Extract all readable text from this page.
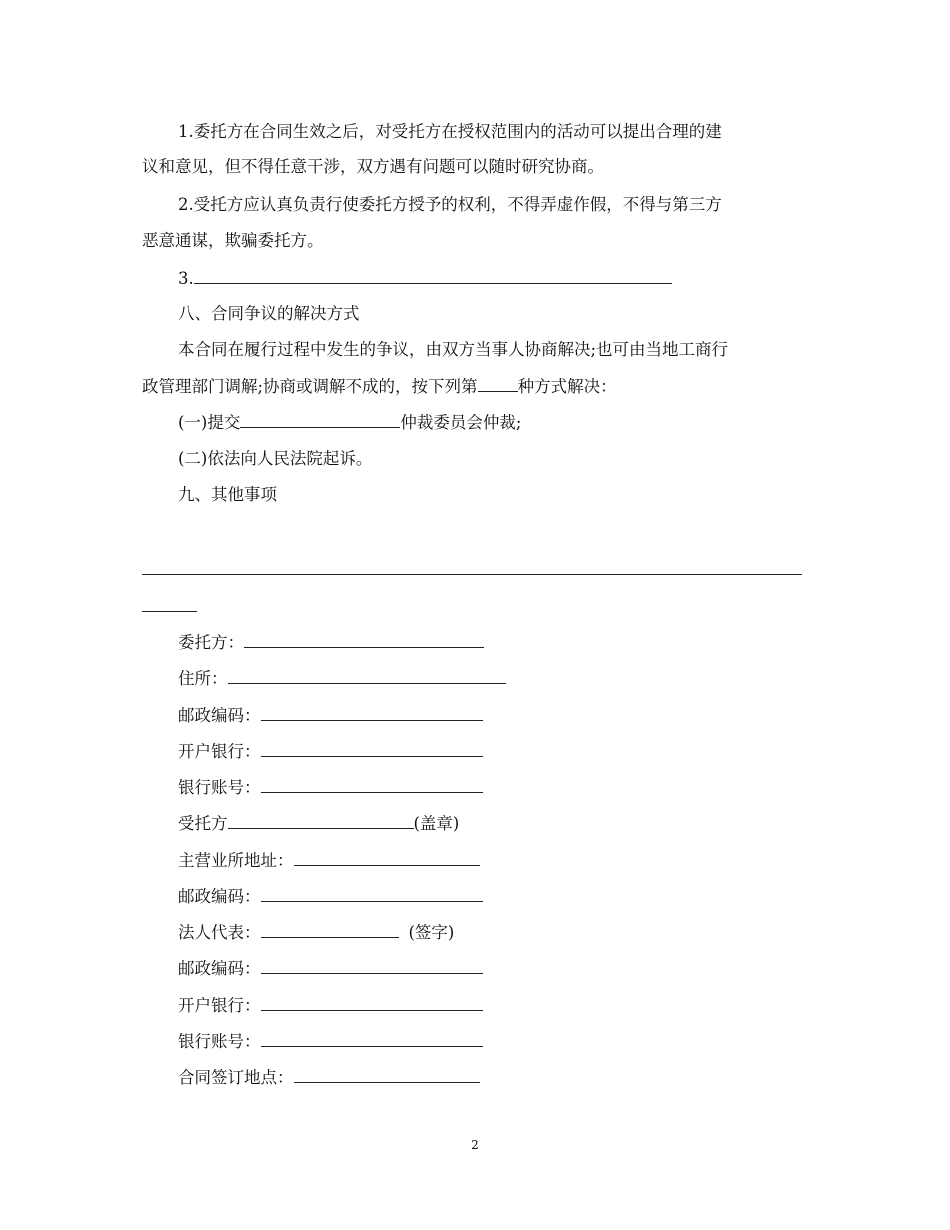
1.委托方在合同生效之后，对受托方在授权范围内的活动可以提出合理的建
议和意见，但不得任意干涉，双方遇有问题可以随时研究协商。
2.受托方应认真负责行使委托方授予的权利，不得弄虚作假，不得与第三方
恶意通谋，欺骗委托方。
3.
八、合同争议的解决方式
本合同在履行过程中发生的争议，由双方当事人协商解决;也可由当地工商行
政管理部门调解;协商或调解不成的，按下列第 种方式解决：
(一)提交	仲裁委员会仲裁;
(二)依法向人民法院起诉。
九、其他事项
委托方：
住所：
邮政编码：
开户银行：
银行账号：
受托方	(盖章)
主营业所地址：
邮政编码：
法人代表：	(签字)
邮政编码：
开户银行：
银行账号：
合同签订地点：
2
